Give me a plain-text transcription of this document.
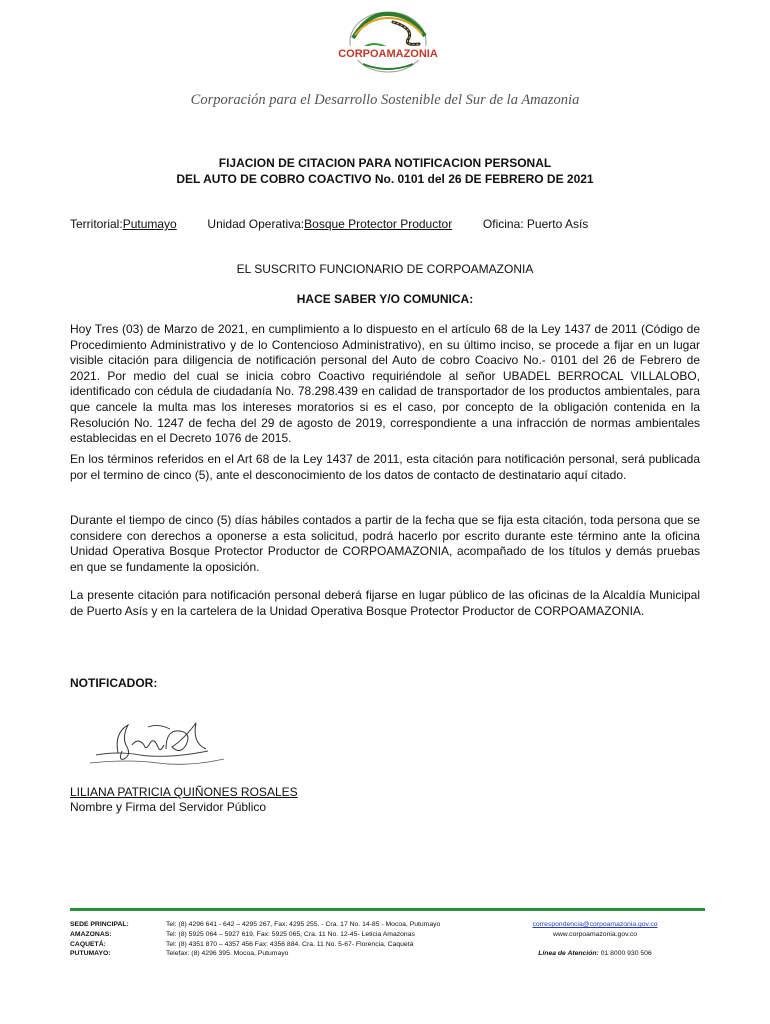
CORPOAMAZONIA
Corporación para el Desarrollo Sostenible del Sur de la Amazonia
FIJACION DE CITACION PARA NOTIFICACION PERSONAL
DEL AUTO DE COBRO COACTIVO No. 0101 del 26 DE FEBRERO DE 2021
Territorial:Putumayo	Unidad Operativa:Bosque Protector Productor	Oficina: Puerto Asís
EL SUSCRITO FUNCIONARIO DE CORPOAMAZONIA
HACE SABER Y/O COMUNICA:
Hoy Tres (03) de Marzo de 2021, en cumplimiento a lo dispuesto en el artículo 68 de la Ley 1437 de 2011 (Código de Procedimiento Administrativo y de lo Contencioso Administrativo), en su último inciso, se procede a fijar en un lugar visible citación para diligencia de notificación personal del Auto de cobro Coacivo No.- 0101 del 26 de Febrero de 2021. Por medio del cual se inicia cobro Coactivo requiriéndole al señor UBADEL BERROCAL VILLALOBO, identificado con cédula de ciudadanía No. 78.298.439 en calidad de transportador de los productos ambientales, para que cancele la multa mas los intereses moratorios si es el caso, por concepto de la obligación contenida en la Resolución No. 1247 de fecha del 29 de agosto de 2019, correspondiente a una infracción de normas ambientales establecidas en el Decreto 1076 de 2015.
En los términos referidos en el Art 68 de la Ley 1437 de 2011, esta citación para notificación personal, será publicada por el termino de cinco (5), ante el desconocimiento de los datos de contacto de destinatario aquí citado.
Durante el tiempo de cinco (5) días hábiles contados a partir de la fecha que se fija esta citación, toda persona que se considere con derechos a oponerse a esta solicitud, podrá hacerlo por escrito durante este término ante la oficina Unidad Operativa Bosque Protector Productor de CORPOAMAZONIA, acompañado de los títulos y demás pruebas en que se fundamente la oposición.
La presente citación para notificación personal deberá fijarse en lugar público de las oficinas de la Alcaldía Municipal de Puerto Asís y en la cartelera de la Unidad Operativa Bosque Protector Productor de CORPOAMAZONIA.
NOTIFICADOR:
LILIANA PATRICIA QUIÑONES ROSALES
Nombre y Firma del Servidor Público
SEDE PRINCIPAL:
AMAZONAS:
CAQUETÁ:
PUTUMAYO:
Tel: (8) 4296 641 - 642 – 4295 267, Fax: 4295 255. - Cra. 17 No. 14-85 - Mocoa, Putumayo
Tel: (8) 5925 064 – 5927 619, Fax: 5925 065, Cra. 11 No. 12-45- Leticia Amazonas
Tel: (8) 4351 870 – 4357 456 Fax: 4356 884. Cra. 11 No. 5-67- Florencia, Caquetá
Telefax: (8) 4296 395. Mocoa, Putumayo
correspondencia@corpoamazonia.gov.co
www.corpoamazonia.gov.co

Línea de Atención: 01 8000 930 506
